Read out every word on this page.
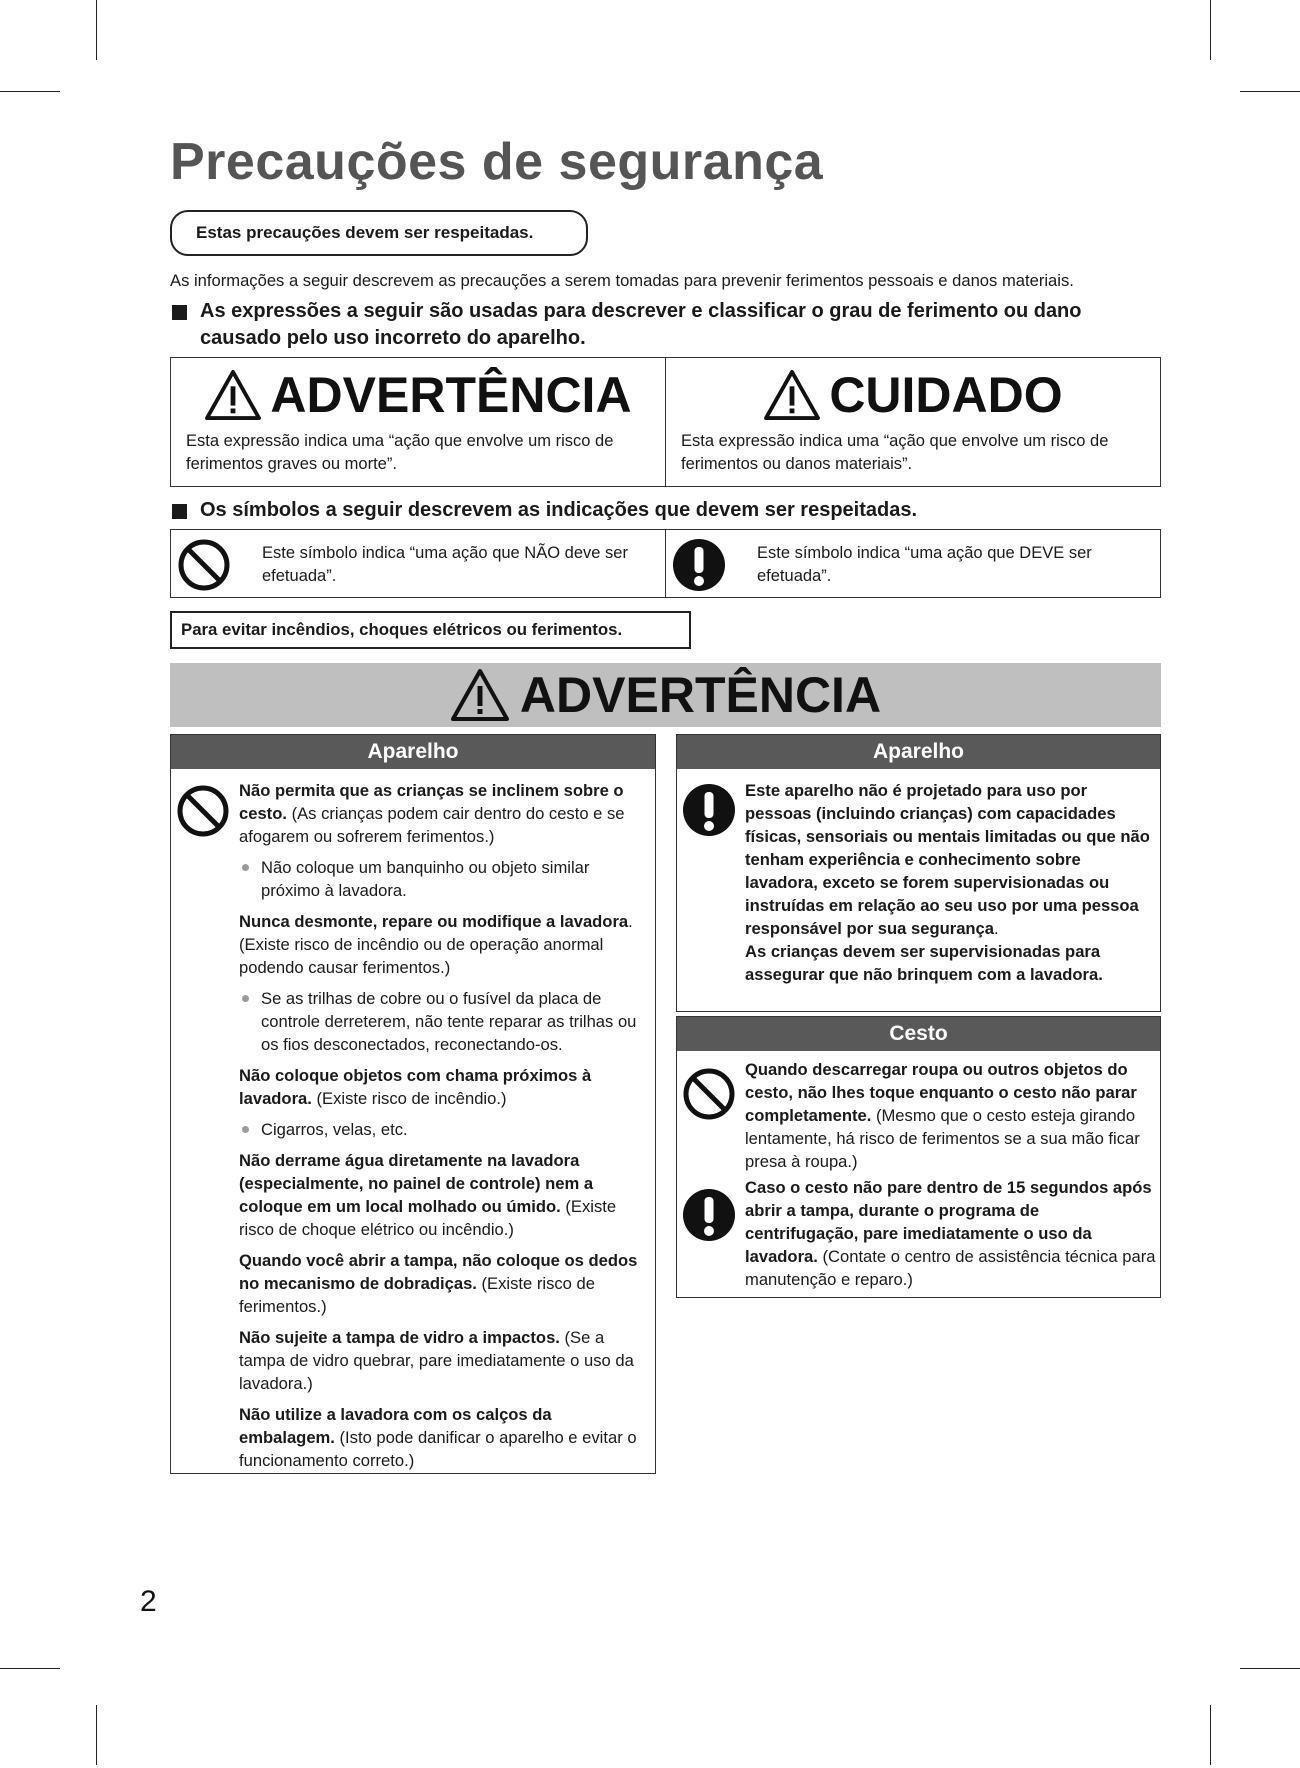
Precauções de segurança
Estas precauções devem ser respeitadas.
As informações a seguir descrevem as precauções a serem tomadas para prevenir ferimentos pessoais e danos materiais.
As expressões a seguir são usadas para descrever e classificar o grau de ferimento ou dano causado pelo uso incorreto do aparelho.
ADVERTÊNCIA
Esta expressão indica uma “ação que envolve um risco de ferimentos graves ou morte”.
CUIDADO
Esta expressão indica uma “ação que envolve um risco de ferimentos ou danos materiais”.
Os símbolos a seguir descrevem as indicações que devem ser respeitadas.
Este símbolo indica “uma ação que NÃO deve ser efetuada”.
Este símbolo indica “uma ação que DEVE ser efetuada”.
Para evitar incêndios, choques elétricos ou ferimentos.
ADVERTÊNCIA
Aparelho

Não permita que as crianças se inclinem sobre o cesto. (As crianças podem cair dentro do cesto e se afogarem ou sofrerem ferimentos.)

Não coloque um banquinho ou objeto similar próximo à lavadora.

Nunca desmonte, repare ou modifique a lavadora. (Existe risco de incêndio ou de operação anormal podendo causar ferimentos.)

Se as trilhas de cobre ou o fusível da placa de controle derreterem, não tente reparar as trilhas ou os fios desconectados, reconectando-os.

Não coloque objetos com chama próximos à lavadora. (Existe risco de incêndio.)

Cigarros, velas, etc.

Não derrame água diretamente na lavadora (especialmente, no painel de controle) nem a coloque em um local molhado ou úmido. (Existe risco de choque elétrico ou incêndio.)

Quando você abrir a tampa, não coloque os dedos no mecanismo de dobradiças. (Existe risco de ferimentos.)

Não sujeite a tampa de vidro a impactos. (Se a tampa de vidro quebrar, pare imediatamente o uso da lavadora.)

Não utilize a lavadora com os calços da embalagem. (Isto pode danificar o aparelho e evitar o funcionamento correto.)

Aparelho

Este aparelho não é projetado para uso por pessoas (incluindo crianças) com capacidades físicas, sensoriais ou mentais limitadas ou que não tenham experiência e conhecimento sobre lavadora, exceto se forem supervisionadas ou instruídas em relação ao seu uso por uma pessoa responsável por sua segurança.
As crianças devem ser supervisionadas para assegurar que não brinquem com a lavadora.

Cesto

Quando descarregar roupa ou outros objetos do cesto, não lhes toque enquanto o cesto não parar completamente. (Mesmo que o cesto esteja girando lentamente, há risco de ferimentos se a sua mão ficar presa à roupa.)

Caso o cesto não pare dentro de 15 segundos após abrir a tampa, durante o programa de centrifugação, pare imediatamente o uso da lavadora. (Contate o centro de assistência técnica para manutenção e reparo.)

2
